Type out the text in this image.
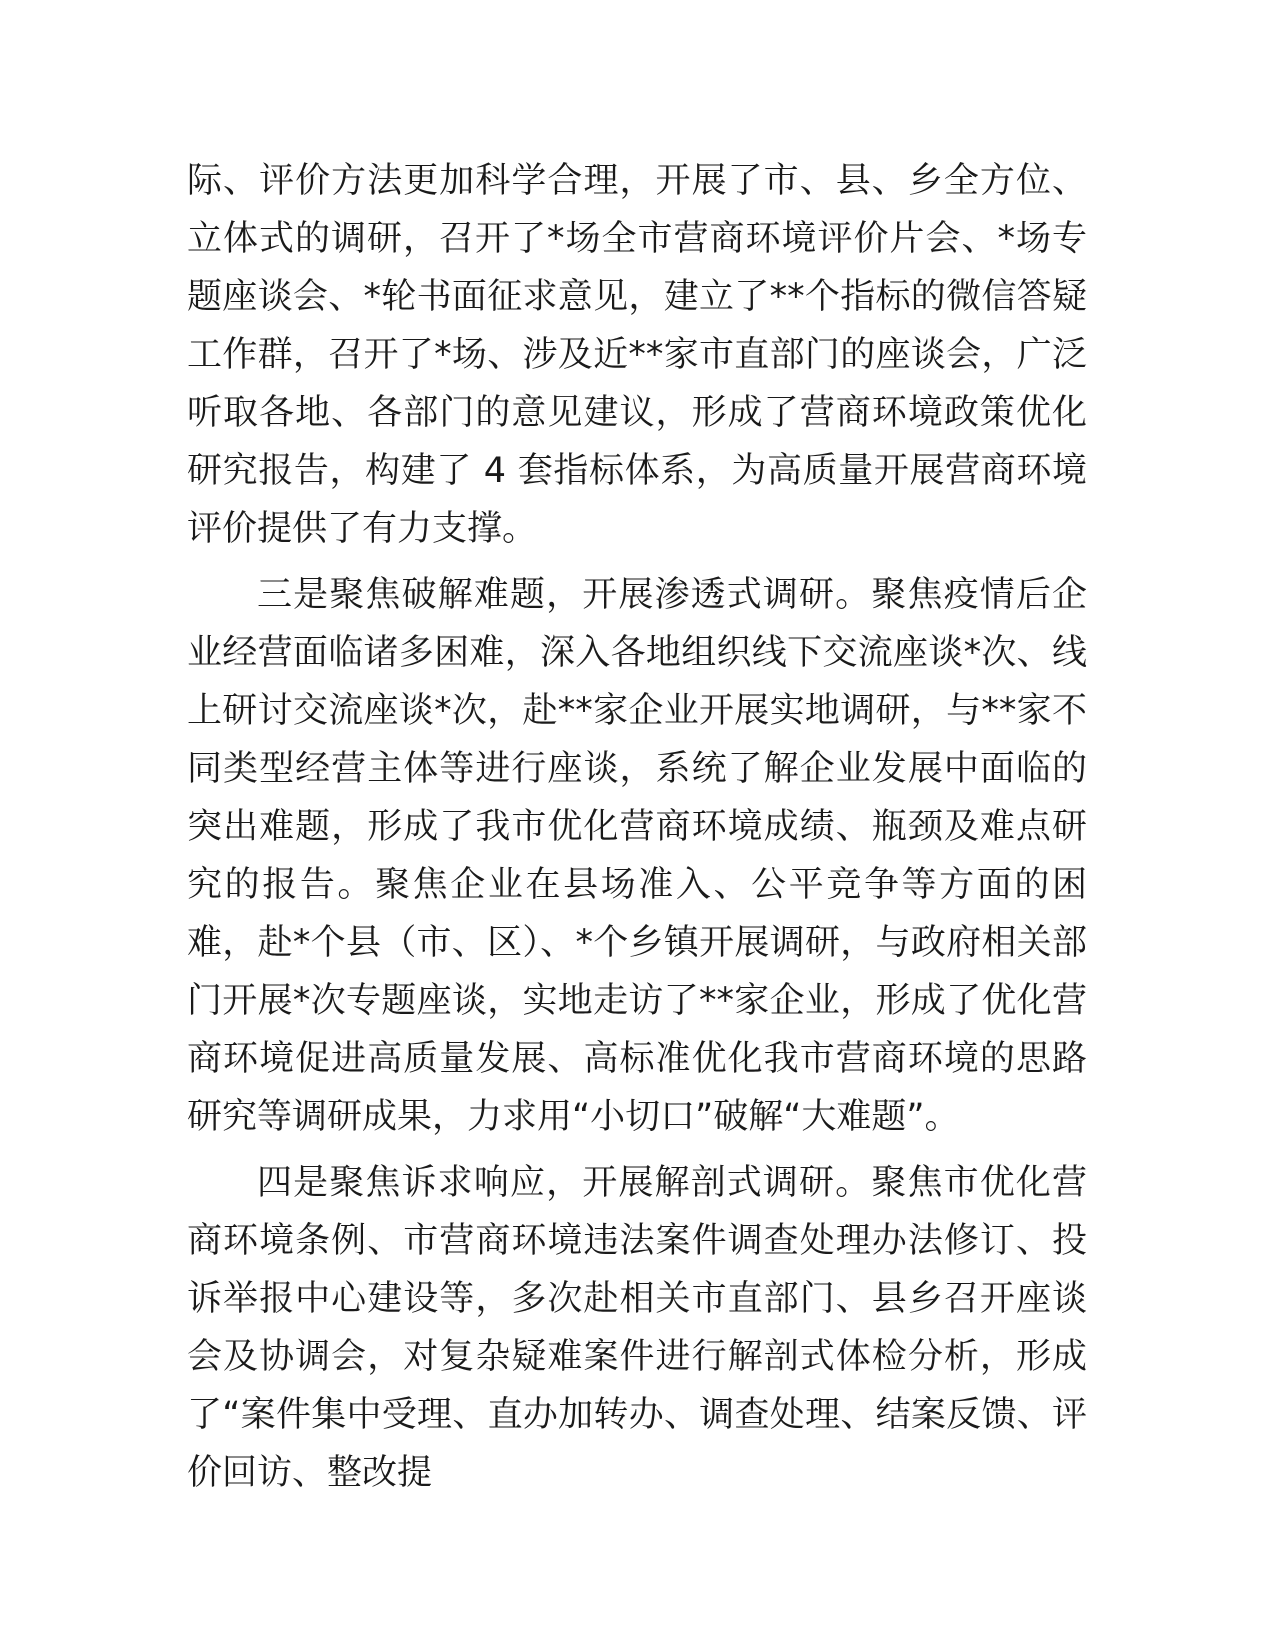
际、评价方法更加科学合理，开展了市、县、乡全方位、立体式的调研，召开了*场全市营商环境评价片会、*场专题座谈会、*轮书面征求意见，建立了**个指标的微信答疑工作群，召开了*场、涉及近**家市直部门的座谈会，广泛听取各地、各部门的意见建议，形成了营商环境政策优化研究报告，构建了 4 套指标体系，为高质量开展营商环境评价提供了有力支撑。

三是聚焦破解难题，开展渗透式调研。聚焦疫情后企业经营面临诸多困难，深入各地组织线下交流座谈*次、线上研讨交流座谈*次，赴**家企业开展实地调研，与**家不同类型经营主体等进行座谈，系统了解企业发展中面临的突出难题，形成了我市优化营商环境成绩、瓶颈及难点研究的报告。聚焦企业在县场准入、公平竞争等方面的困难，赴*个县（市、区）、*个乡镇开展调研，与政府相关部门开展*次专题座谈，实地走访了**家企业，形成了优化营商环境促进高质量发展、高标准优化我市营商环境的思路研究等调研成果，力求用“小切口”破解“大难题”。

四是聚焦诉求响应，开展解剖式调研。聚焦市优化营商环境条例、市营商环境违法案件调查处理办法修订、投诉举报中心建设等，多次赴相关市直部门、县乡召开座谈会及协调会，对复杂疑难案件进行解剖式体检分析，形成了“案件集中受理、直办加转办、调查处理、结案反馈、评价回访、整改提
